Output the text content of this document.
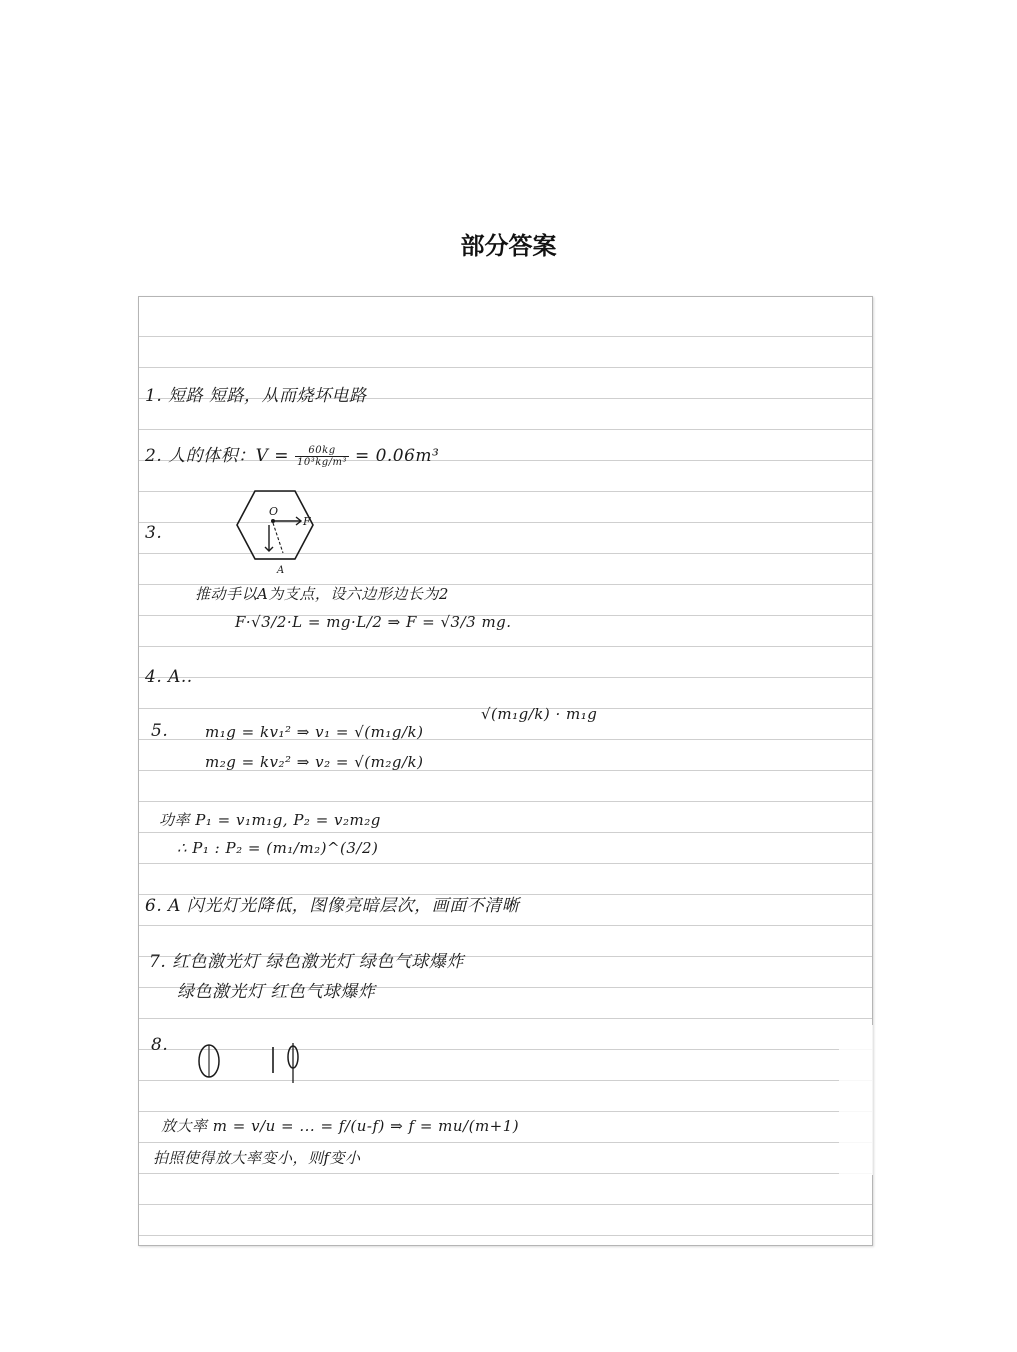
部分答案
1. 短路 短路，从而烧坏电路
2. 人的体积：$V = \frac{60kg}{\text{10³kg/m³}} = 0.06m^3$
3.
O
F
A
推动手以A为支点，设六边形边长为2
F·√3/2·L = mg·L/2 ⇒ F = √3/3 mg.
4. A..
5. m₁g = kv₁² ⇒ v₁ = √(m₁g/k)
m₂g = kv₂² ⇒ v₂ = √(m₂g/k)
√(m₁g/k) · m₁g
功率 P₁ = v₁m₁g, P₂ = v₂m₂g
∴ P₁ : P₂ = (m₁/m₂)^(3/2)
6. A 闪光灯光降低，图像亮暗层次，画面不清晰
7. 红色激光灯 绿色激光灯 绿色气球爆炸
绿色激光灯 红色气球爆炸
8.
放大率 m = v/u = ... = f/(u-f) ⇒ f = mu/(m+1)
拍照使得放大率变小，则f变小
